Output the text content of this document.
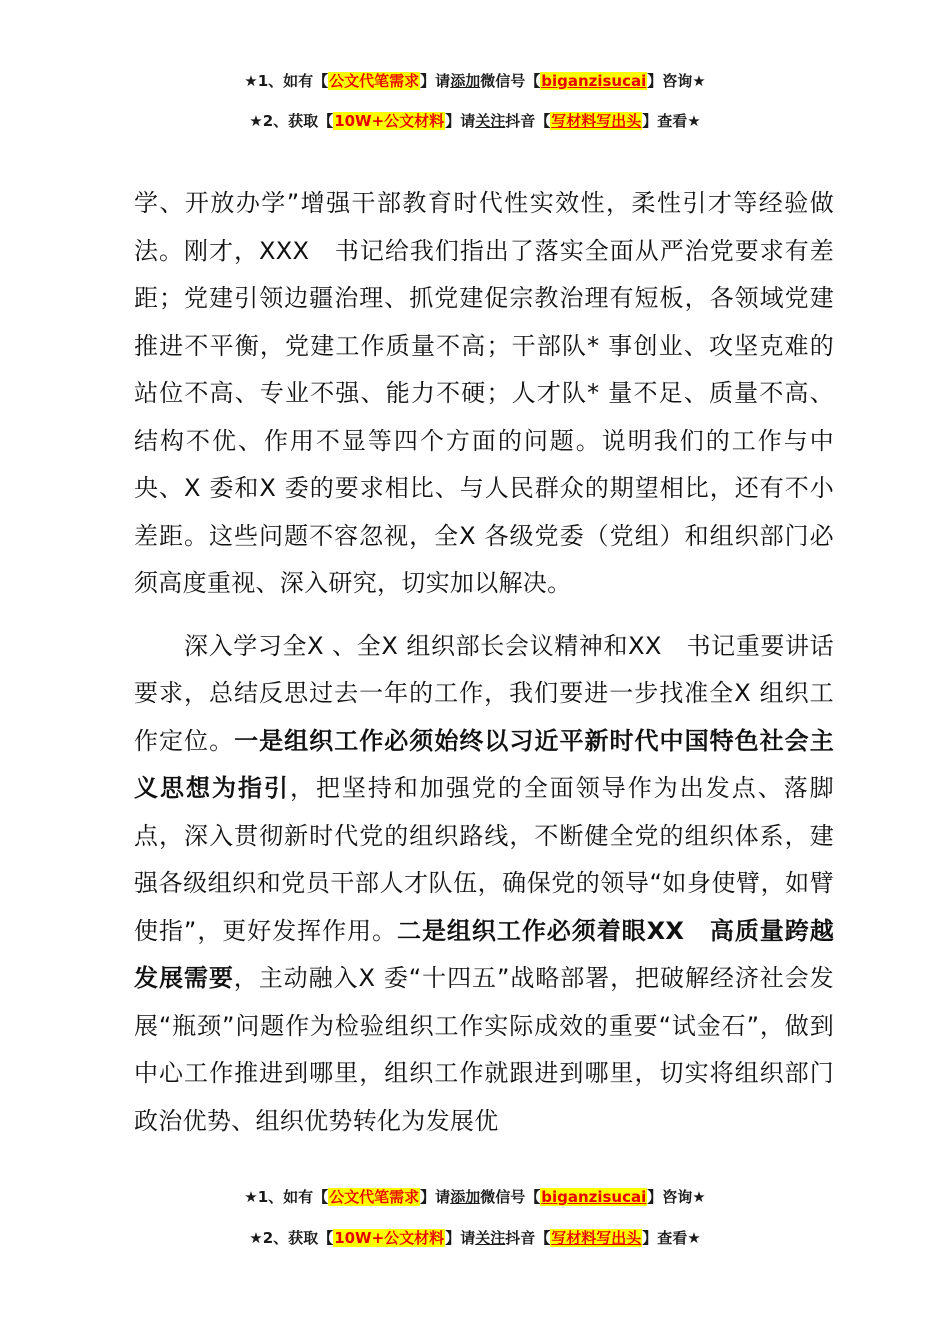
★1、如有【公文代笔需求】请添加微信号【biganzisucai】咨询★
★2、获取【10W+公文材料】请关注抖音【写材料写出头】查看★

学、开放办学”增强干部教育时代性实效性，柔性引才等经验做法。刚才，XXX　书记给我们指出了落实全面从严治党要求有差距；党建引领边疆治理、抓党建促宗教治理有短板，各领域党建推进不平衡，党建工作质量不高；干部队* 事创业、攻坚克难的站位不高、专业不强、能力不硬；人才队* 量不足、质量不高、结构不优、作用不显等四个方面的问题。说明我们的工作与中央、X 委和X 委的要求相比、与人民群众的期望相比，还有不小差距。这些问题不容忽视，全X 各级党委（党组）和组织部门必须高度重视、深入研究，切实加以解决。

深入学习全X 、全X 组织部长会议精神和XX　书记重要讲话要求，总结反思过去一年的工作，我们要进一步找准全X 组织工作定位。一是组织工作必须始终以习近平新时代中国特色社会主义思想为指引，把坚持和加强党的全面领导作为出发点、落脚点，深入贯彻新时代党的组织路线，不断健全党的组织体系，建强各级组织和党员干部人才队伍，确保党的领导“如身使臂，如臂使指”，更好发挥作用。二是组织工作必须着眼XX　高质量跨越发展需要，主动融入X 委“十四五”战略部署，把破解经济社会发展“瓶颈”问题作为检验组织工作实际成效的重要“试金石”，做到中心工作推进到哪里，组织工作就跟进到哪里，切实将组织部门政治优势、组织优势转化为发展优

★1、如有【公文代笔需求】请添加微信号【biganzisucai】咨询★
★2、获取【10W+公文材料】请关注抖音【写材料写出头】查看★
